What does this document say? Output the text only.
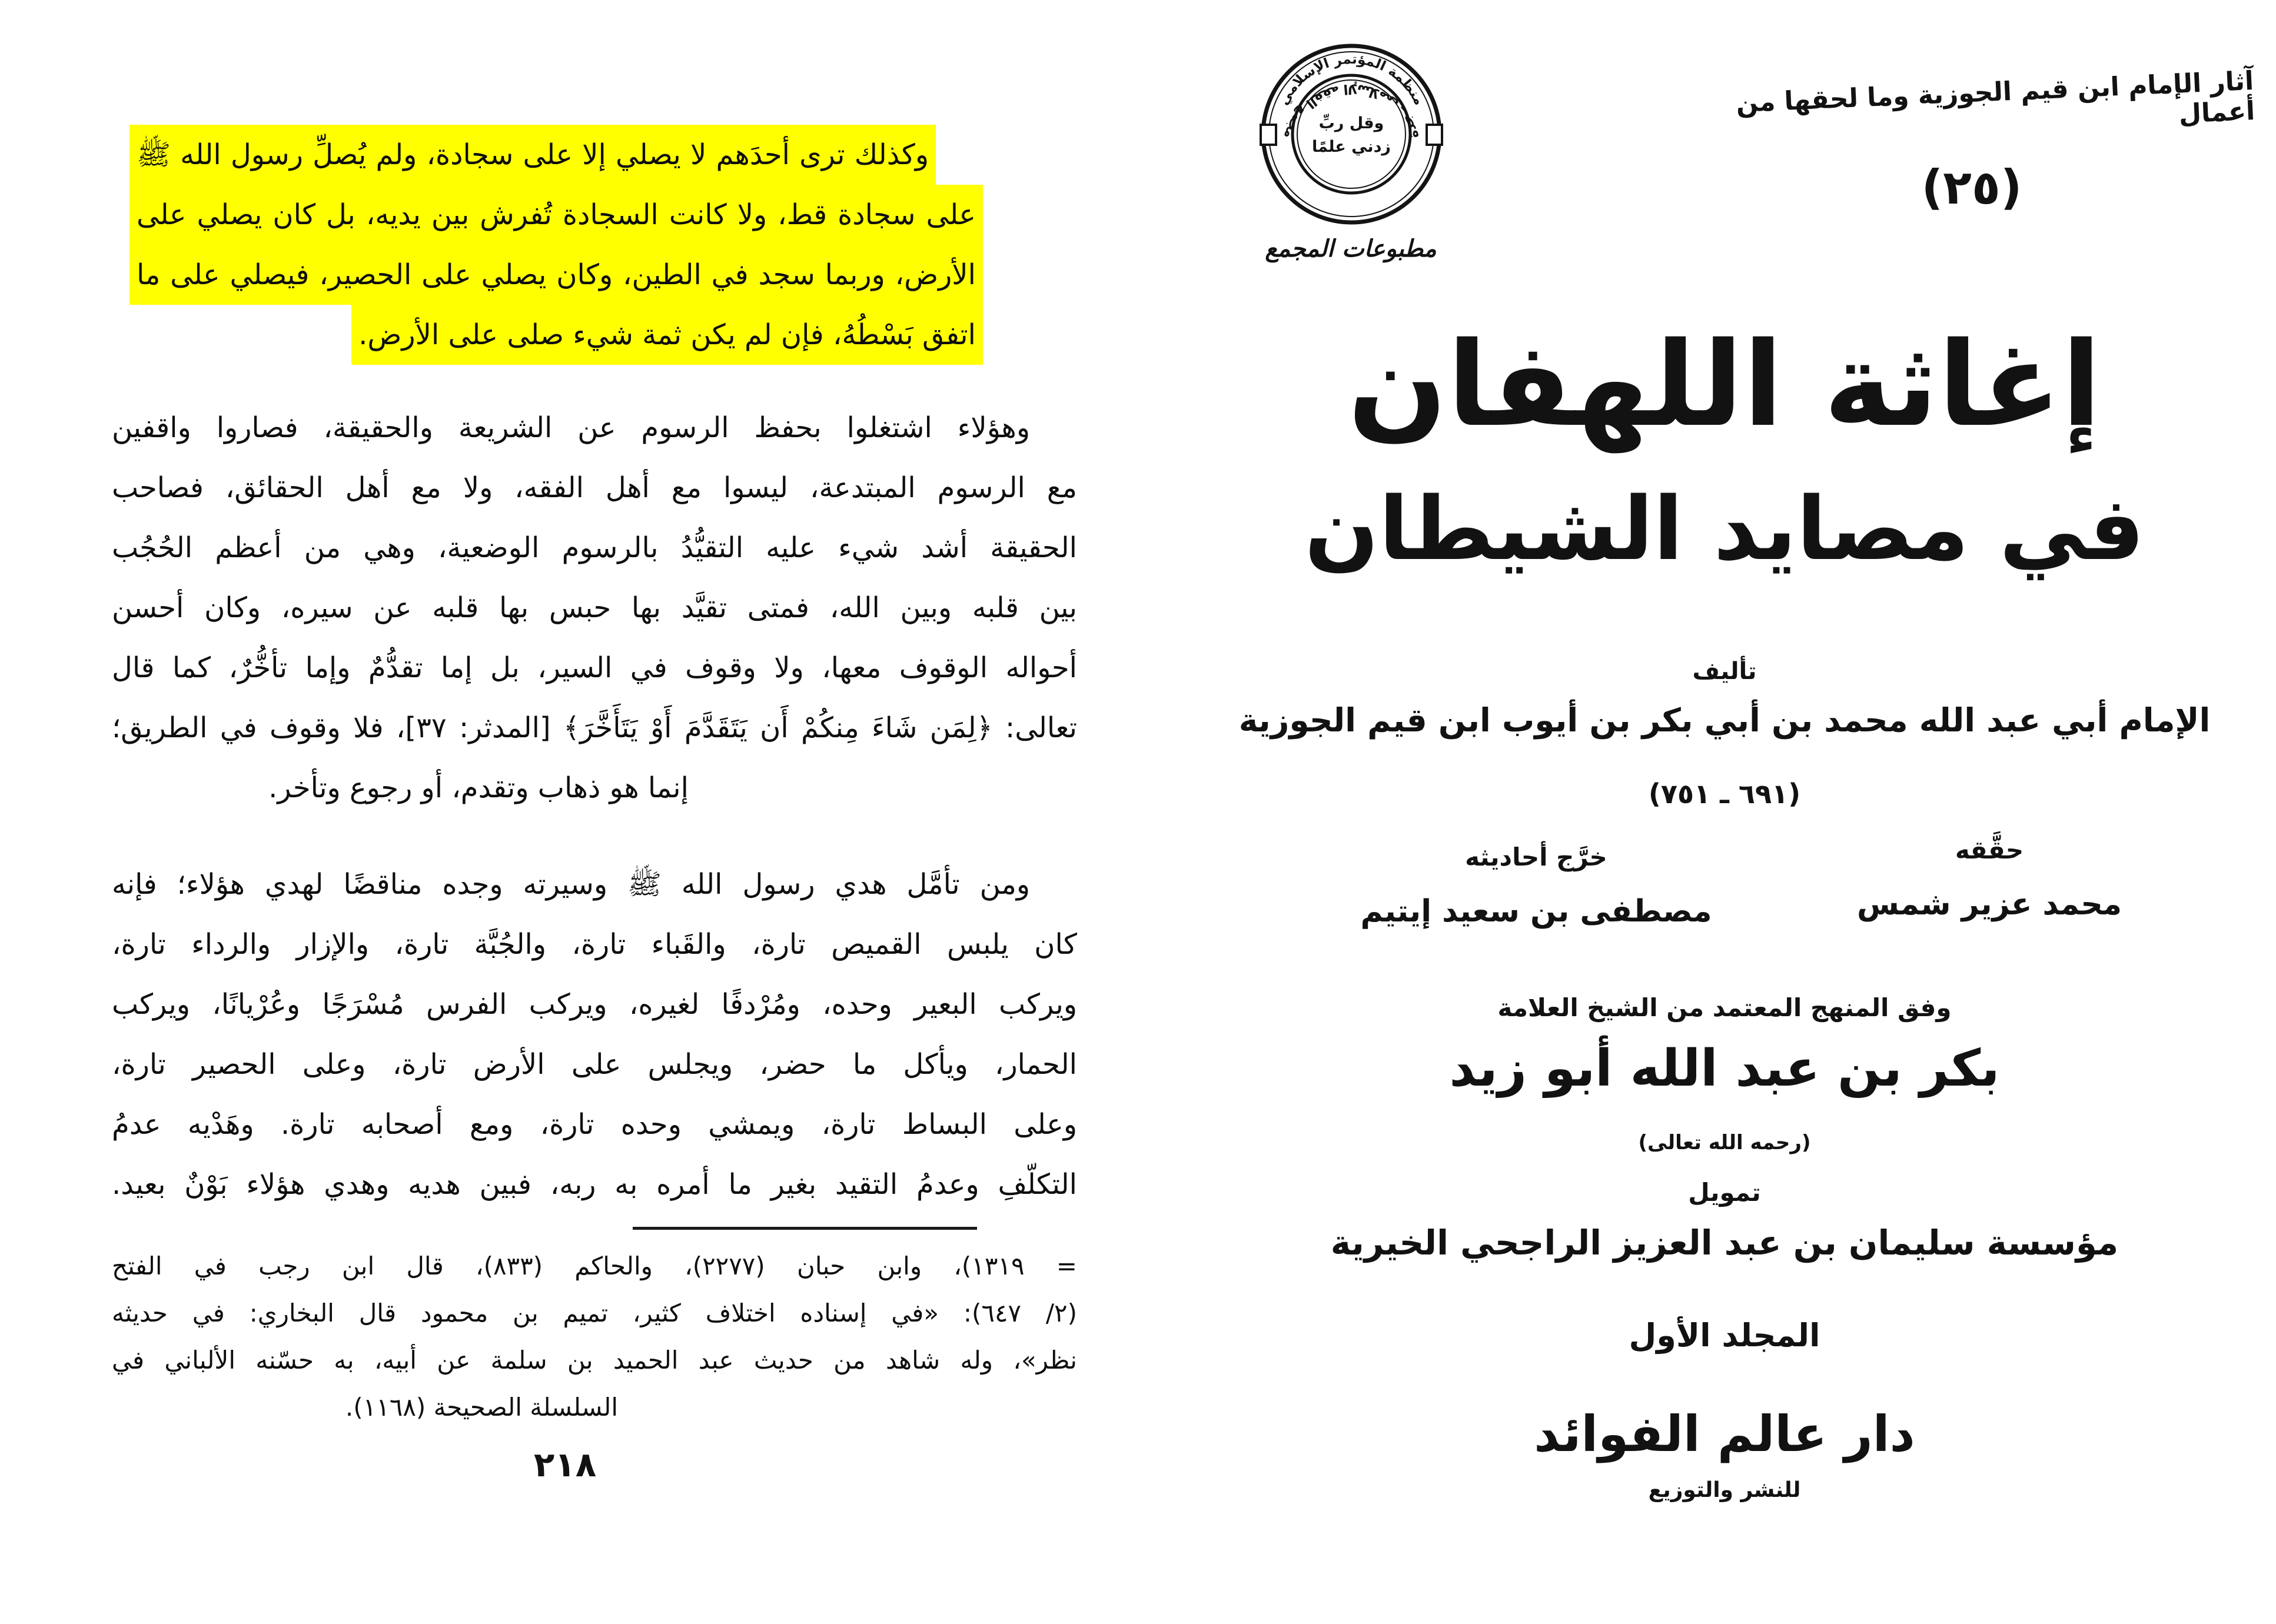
وكذلك ترى أحدَهم لا يصلي إلا على سجادة، ولم يُصلِّ رسول الله ﷺ
على سجادة قط، ولا كانت السجادة تُفرش بين يديه، بل كان يصلي على
الأرض، وربما سجد في الطين، وكان يصلي على الحصير، فيصلي على ما
اتفق بَسْطُهُ، فإن لم يكن ثمة شيء صلى على الأرض.
وهؤلاء اشتغلوا بحفظ الرسوم عن الشريعة والحقيقة، فصاروا واقفين
مع الرسوم المبتدعة، ليسوا مع أهل الفقه، ولا مع أهل الحقائق، فصاحب
الحقيقة أشد شيء عليه التقيُّدُ بالرسوم الوضعية، وهي من أعظم الحُجُب
بين قلبه وبين الله، فمتى تقيَّد بها حبس بها قلبه عن سيره، وكان أحسن
أحواله الوقوف معها، ولا وقوف في السير، بل إما تقدُّمٌ وإما تأخُّرٌ، كما قال
تعالى: ﴿لِمَن شَاءَ مِنكُمْ أَن يَتَقَدَّمَ أَوْ يَتَأَخَّرَ﴾ [المدثر: ٣٧]، فلا وقوف في الطريق؛
إنما هو ذهاب وتقدم، أو رجوع وتأخر.
ومن تأمَّل هدي رسول الله ﷺ وسيرته وجده مناقضًا لهدي هؤلاء؛ فإنه
كان يلبس القميص تارة، والقَباء تارة، والجُبَّة تارة، والإزار والرداء تارة،
ويركب البعير وحده، ومُرْدفًا لغيره، ويركب الفرس مُسْرَجًا وعُرْيانًا، ويركب
الحمار، ويأكل ما حضر، ويجلس على الأرض تارة، وعلى الحصير تارة،
وعلى البساط تارة، ويمشي وحده تارة، ومع أصحابه تارة. وهَدْيه عدمُ
التكلّفِ وعدمُ التقيد بغير ما أمره به ربه، فبين هديه وهدي هؤلاء بَوْنٌ بعيد.
= ١٣١٩)، وابن حبان (٢٢٧٧)، والحاكم (٨٣٣)، قال ابن رجب في الفتح
(٢/ ٦٤٧): «في إسناده اختلاف كثير، تميم بن محمود قال البخاري: في حديثه
نظر»، وله شاهد من حديث عبد الحميد بن سلمة عن أبيه، به حسّنه الألباني في
السلسلة الصحيحة (١١٦٨).
٢١٨
آثار الإمام ابن قيم الجوزية وما لحقها من أعمال
(٢٥)
منظمة المؤتمر الإسلامي
مجمع الفقه الإسلامي ـ جدة
وقل ربِّ
زدني علمًا
مطبوعات المجمع
إغاثة اللهفان
في مصايد الشيطان
تأليف
الإمام أبي عبد الله محمد بن أبي بكر بن أيوب ابن قيم الجوزية
(٦٩١ ـ ٧٥١)
حقَّقه
محمد عزير شمس
خرَّج أحاديثه
مصطفى بن سعيد إيتيم
وفق المنهج المعتمد من الشيخ العلامة
بكر بن عبد الله أبو زيد
(رحمه الله تعالى)
تمويل
مؤسسة سليمان بن عبد العزيز الراجحي الخيرية
المجلد الأول
دار عالم الفوائد
للنشر والتوزيع
